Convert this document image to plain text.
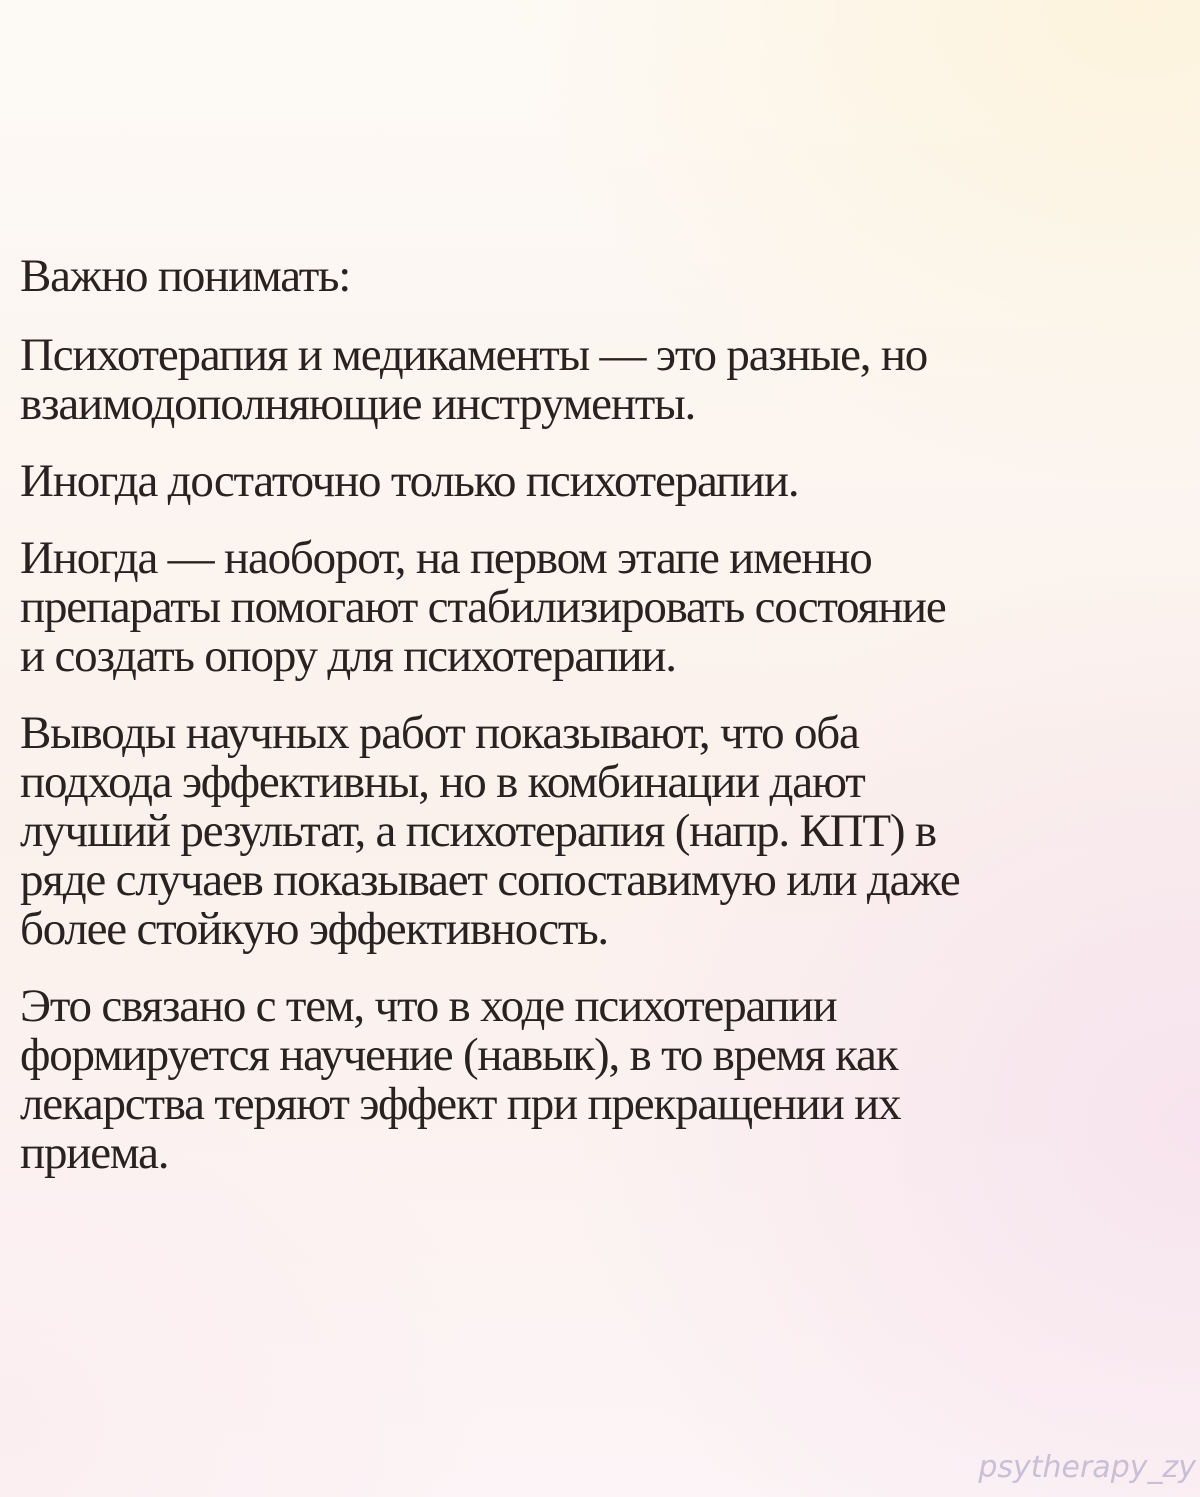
Важно понимать:

Психотерапия и медикаменты — это разные, но
взаимодополняющие инструменты.

Иногда достаточно только психотерапии.

Иногда — наоборот, на первом этапе именно
препараты помогают стабилизировать состояние
и создать опору для психотерапии.

Выводы научных работ показывают, что оба
подхода эффективны, но в комбинации дают
лучший результат, а психотерапия (напр. КПТ) в
ряде случаев показывает сопоставимую или даже
более стойкую эффективность.

Это связано с тем, что в ходе психотерапии
формируется научение (навык), в то время как
лекарства теряют эффект при прекращении их
приема.

psytherapy_zy
